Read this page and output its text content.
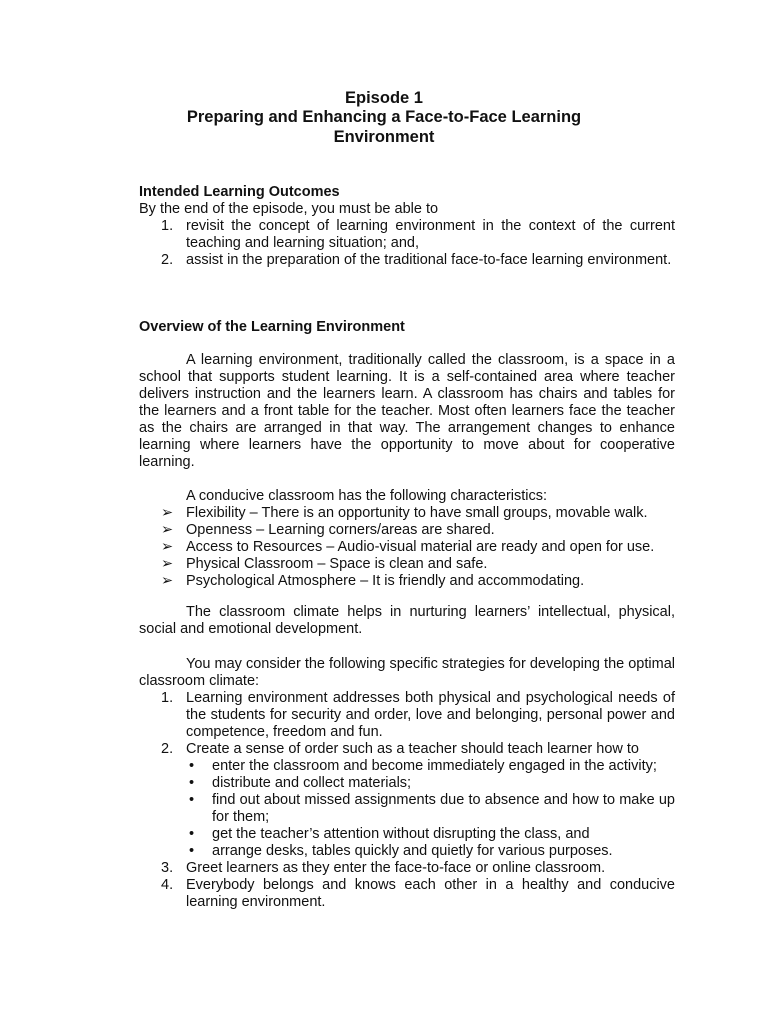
Episode 1
Preparing and Enhancing a Face-to-Face Learning
Environment
Intended Learning Outcomes
By the end of the episode, you must be able to
1. revisit the concept of learning environment in the context of the current teaching and learning situation; and,
2. assist in the preparation of the traditional face-to-face learning environment.
Overview of the Learning Environment
A learning environment, traditionally called the classroom, is a space in a school that supports student learning. It is a self-contained area where teacher delivers instruction and the learners learn. A classroom has chairs and tables for the learners and a front table for the teacher. Most often learners face the teacher as the chairs are arranged in that way. The arrangement changes to enhance learning where learners have the opportunity to move about for cooperative learning.
A conducive classroom has the following characteristics:
➢ Flexibility – There is an opportunity to have small groups, movable walk.
➢ Openness – Learning corners/areas are shared.
➢ Access to Resources – Audio-visual material are ready and open for use.
➢ Physical Classroom – Space is clean and safe.
➢ Psychological Atmosphere – It is friendly and accommodating.
The classroom climate helps in nurturing learners’ intellectual, physical, social and emotional development.
You may consider the following specific strategies for developing the optimal classroom climate:
1. Learning environment addresses both physical and psychological needs of the students for security and order, love and belonging, personal power and competence, freedom and fun.
2. Create a sense of order such as a teacher should teach learner how to
• enter the classroom and become immediately engaged in the activity;
• distribute and collect materials;
• find out about missed assignments due to absence and how to make up for them;
• get the teacher’s attention without disrupting the class, and
• arrange desks, tables quickly and quietly for various purposes.
3. Greet learners as they enter the face-to-face or online classroom.
4. Everybody belongs and knows each other in a healthy and conducive learning environment.
